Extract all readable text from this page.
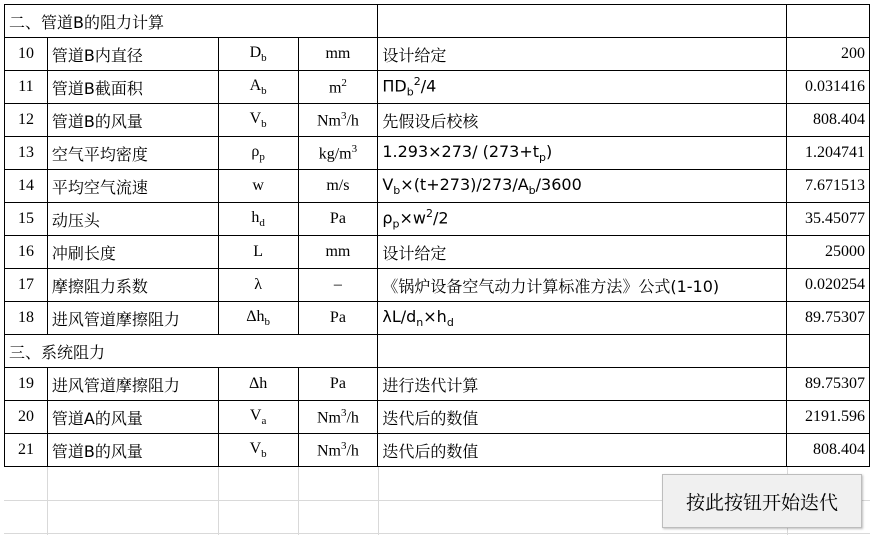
二、管道B的阻力计算					
10	管道B内直径	$D_b$	mm	设计给定	200
11	管道B截面积	$A_b$	$m^2$	$\Pi D_b^2/4$	0.031416
12	管道B的风量	$V_b$	Nm$^3$/h	先假设后校核	808.404
13	空气平均密度	$\rho_p$	$kg/m^3$	1.293×273/ $(273+t_p)$	1.204741
14	平均空气流速	w	m/s	$V_b\times(t+273)/273/A_b/3600$	7.671513
15	动压头	$h_d$	Pa	$\rho_p\times w^2/2$	35.45077
16	冲刷长度	L	mm	设计给定	25000
17	摩擦阻力系数	λ	–	《锅炉设备空气动力计算标准方法》公式(1-10)	0.020254
18	进风管道摩擦阻力	$\Delta h_b$	Pa	$\lambda L/d_n\times h_d$	89.75307
三、系统阻力					
19	进风管道摩擦阻力	Δh	Pa	进行迭代计算	89.75307
20	管道A的风量	$V_a$	Nm$^3$/h	迭代后的数值	2191.596
21	管道B的风量	$V_b$	Nm$^3$/h	迭代后的数值	808.404
按此按钮开始迭代
